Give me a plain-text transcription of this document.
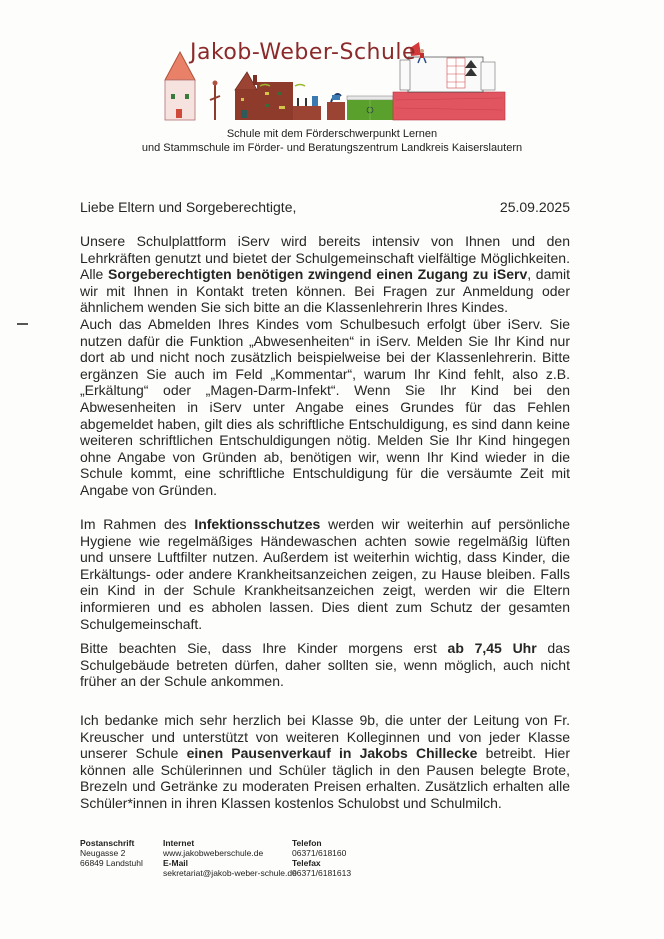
Jakob-Weber-Schule
Schule mit dem Förderschwerpunkt Lernen
und Stammschule im Förder- und Beratungszentrum Landkreis Kaiserslautern
Liebe Eltern und Sorgeberechtigte,	25.09.2025

Unsere Schulplattform iServ wird bereits intensiv von Ihnen und den Lehrkräften genutzt und bietet der Schulgemeinschaft vielfältige Möglichkeiten. Alle Sorgeberechtigten benötigen zwingend einen Zugang zu iServ, damit wir mit Ihnen in Kontakt treten können. Bei Fragen zur Anmeldung oder ähnlichem wenden Sie sich bitte an die Klassenlehrerin Ihres Kindes.

Auch das Abmelden Ihres Kindes vom Schulbesuch erfolgt über iServ. Sie nutzen dafür die Funktion „Abwesenheiten“ in iServ. Melden Sie Ihr Kind nur dort ab und nicht noch zusätzlich beispielweise bei der Klassenlehrerin. Bitte ergänzen Sie auch im Feld „Kommentar“, warum Ihr Kind fehlt, also z.B. „Erkältung“ oder „Magen-Darm-Infekt“. Wenn Sie Ihr Kind bei den Abwesenheiten in iServ unter Angabe eines Grundes für das Fehlen abgemeldet haben, gilt dies als schriftliche Entschuldigung, es sind dann keine weiteren schriftlichen Entschuldigungen nötig. Melden Sie Ihr Kind hingegen ohne Angabe von Gründen ab, benötigen wir, wenn Ihr Kind wieder in die Schule kommt, eine schriftliche Entschuldigung für die versäumte Zeit mit Angabe von Gründen.

Im Rahmen des Infektionsschutzes werden wir weiterhin auf persönliche Hygiene wie regelmäßiges Händewaschen achten sowie regelmäßig lüften und unsere Luftfilter nutzen. Außerdem ist weiterhin wichtig, dass Kinder, die Erkältungs- oder andere Krankheitsanzeichen zeigen, zu Hause bleiben. Falls ein Kind in der Schule Krankheitsanzeichen zeigt, werden wir die Eltern informieren und es abholen lassen. Dies dient zum Schutz der gesamten Schulgemeinschaft.

Bitte beachten Sie, dass Ihre Kinder morgens erst ab 7,45 Uhr das Schulgebäude betreten dürfen, daher sollten sie, wenn möglich, auch nicht früher an der Schule ankommen.

Ich bedanke mich sehr herzlich bei Klasse 9b, die unter der Leitung von Fr. Kreuscher und unterstützt von weiteren Kolleginnen und von jeder Klasse unserer Schule einen Pausenverkauf in Jakobs Chillecke betreibt. Hier können alle Schülerinnen und Schüler täglich in den Pausen belegte Brote, Brezeln und Getränke zu moderaten Preisen erhalten. Zusätzlich erhalten alle Schüler*innen in ihren Klassen kostenlos Schulobst und Schulmilch.

Postanschrift
Neugasse 2
66849 Landstuhl
Internet
www.jakobweberschule.de
E-Mail
sekretariat@jakob-weber-schule.de
Telefon
06371/618160
Telefax
06371/6181613
